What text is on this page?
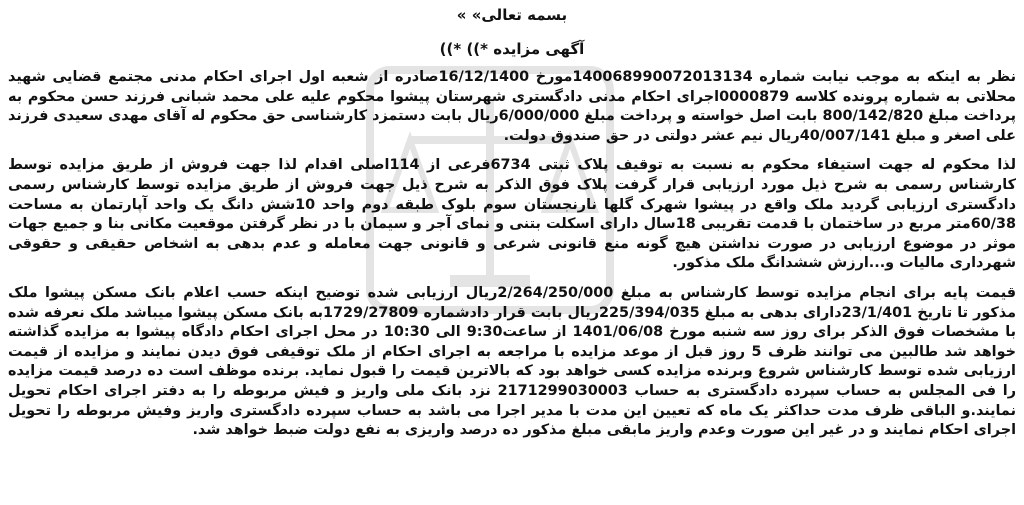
بسمه تعالی» »
آگهی مزایده *)) *))

نظر به اینکه به موجب نیابت شماره 140068990072013134مورخ 16/12/1400صادره از شعبه اول اجرای احکام مدنی مجتمع قضایی شهید محلاتی به شماره پرونده کلاسه 0000879اجرای احکام مدنی دادگستری شهرستان پیشوا محکوم علیه علی محمد شبانی فرزند حسن محکوم به پرداخت مبلغ 800/142/820 بابت اصل خواسته و پرداخت مبلغ 6/000/000ریال بابت دستمزد کارشناسی حق محکوم له آقای مهدی سعیدی فرزند علی اصغر و مبلغ 40/007/141ریال نیم عشر دولتی در حق صندوق دولت.

لذا محکوم له جهت استیفاء محکوم به نسبت به توقیف پلاک ثبتی 6734فرعی از 114اصلی اقدام لذا جهت فروش از طریق مزایده توسط کارشناس رسمی به شرح ذیل مورد ارزیابی قرار گرفت پلاک فوق الذکر به شرح ذیل جهت فروش از طریق مزایده توسط کارشناس رسمی دادگستری ارزیابی گردید ملک واقع در پیشوا شهرک گلها نارنجستان سوم بلوک طبقه دوم واحد 10شش دانگ یک واحد آپارتمان به مساحت 60/38متر مربع در ساختمان با قدمت تقریبی 18سال دارای اسکلت بتنی و نمای آجر و سیمان با در نظر گرفتن موقعیت مکانی بنا و جمیع جهات موثر در موضوع ارزیابی در صورت نداشتن هیچ گونه منع قانونی شرعی و قانونی جهت معامله و عدم بدهی به اشخاص حقیقی و حقوقی شهرداری مالیات و...ارزش ششدانگ ملک مذکور.

قیمت پایه برای انجام مزایده توسط کارشناس به مبلغ 2/264/250/000ریال ارزیابی شده توضیح اینکه حسب اعلام بانک مسکن پیشوا ملک مذکور تا تاریخ 23/1/401دارای بدهی به مبلغ 225/394/035ریال بابت قرار دادشماره 1729/27809به بانک مسکن پیشوا میباشد ملک نعرفه شده با مشخصات فوق الذکر برای روز سه شنبه مورخ 1401/06/08 از ساعت9:30 الی 10:30 در محل اجرای احکام دادگاه پیشوا به مزایده گذاشته خواهد شد طالبین می توانند ظرف 5 روز قبل از موعد مزایده با مراجعه به اجرای احکام از ملک توقیفی فوق دیدن نمایند و مزایده از قیمت ارزیابی شده توسط کارشناس شروع وبرنده مزایده کسی خواهد بود که بالاترین قیمت را قبول نماید. برنده موظف است ده درصد قیمت مزایده را فی المجلس به حساب سپرده دادگستری به حساب 2171299030003 نزد بانک ملی واریز و فیش مربوطه را به دفتر اجرای احکام تحویل نمایند.و الباقی ظرف مدت حداکثر یک ماه که تعیین این مدت با مدیر اجرا می باشد به حساب سپرده دادگستری واریز وفیش مربوطه را تحویل اجرای احکام نمایند و در غیر این صورت وعدم واریز مابقی مبلغ مذکور ده درصد واریزی به نفع دولت ضبط خواهد شد.
